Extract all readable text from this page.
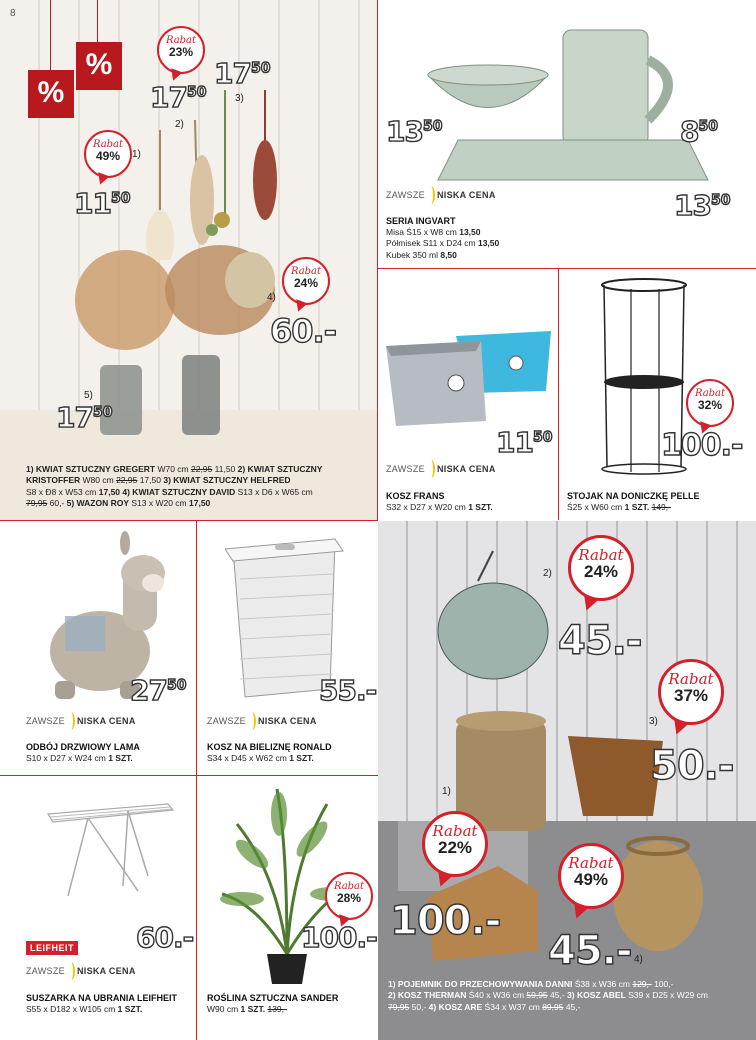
8
%
%
1)
2)
3)
4)
5)
Rabat
49%
Rabat
23%
Rabat
24%
$11^{50}$
$17^{50}$
$17^{50}$
60.-
$17^{50}$
1) KWIAT SZTUCZNY GREGERT W70 cm 22,95 11,50 2) KWIAT SZTUCZNY KRISTOFFER W80 cm 22,95 17,50 3) KWIAT SZTUCZNY HELFRED
S8 x Ð8 x W53 cm 17,50 4) KWIAT SZTUCZNY DAVID S13 x D6 x W65 cm
79,95 60,- 5) WAZON ROY S13 x W20 cm 17,50
$13^{50}$	$8^{50}$
$13^{50}$
ZAWSZE NISKA CENA
SERIA INGVART
Misa Ś15 x W8 cm 13,50
Półmisek S11 x D24 cm 13,50
Kubek 350 ml 8,50
$11^{50}$
ZAWSZE NISKA CENA
KOSZ FRANS
S32 x D27 x W20 cm 1 SZT.
Rabat
32%
100.-
STOJAK NA DONICZKĘ PELLE
Ś25 x W60 cm 1 SZT. 149,-
$27^{50}$
ZAWSZE NISKA CENA
ODBÓJ DRZWIOWY LAMA
S10 x D27 x W24 cm 1 SZT.
55.-
ZAWSZE NISKA CENA
KOSZ NA BIELIZNĘ RONALD
S34 x D45 x W62 cm 1 SZT.
60.-
LEIFHEIT
ZAWSZE NISKA CENA
SUSZARKA NA UBRANIA LEIFHEIT
S55 x D182 x W105 cm 1 SZT.
Rabat
28%
100.-
ROŚLINA SZTUCZNA SANDER
W90 cm 1 SZT. 139,-
2)
3)
1)
4)
Rabat
24%
Rabat
37%
Rabat
22%
Rabat
49%
45.-
50.-
100.-
45.-
1) POJEMNIK DO PRZECHOWYWANIA DANNI Ś38 x W36 cm 129,- 100,-
2) KOSZ THERMAN Ś40 x W36 cm 59,95 45,- 3) KOSZ ABEL S39 x D25 x W29 cm
79,95 50,- 4) KOSZ ARE Ś34 x W37 cm 89,95 45,-
